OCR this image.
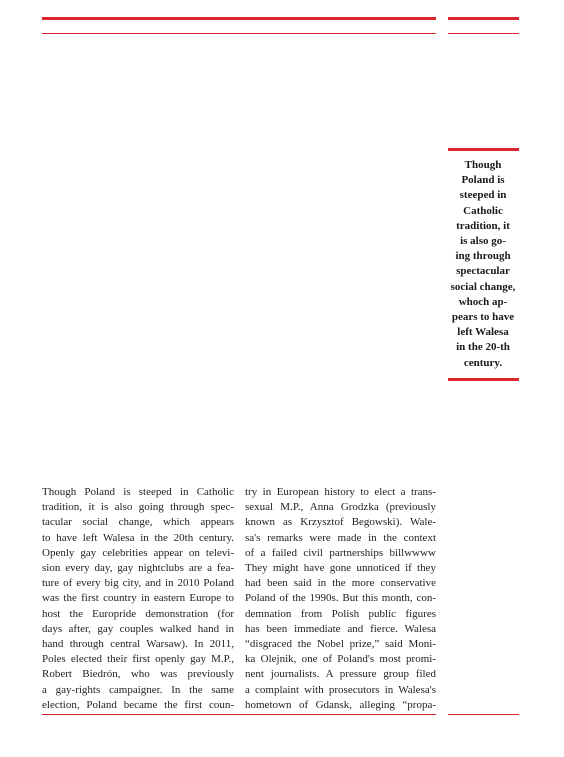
Though
Poland is
steeped in
Catholic
tradition, it
is also go-
ing through
spectacular
social change,
whoch ap-
pears to have
left Walesa
in the 20-th
century.
Though Poland is steeped in Catholic
tradition, it is also going through spec-
tacular social change, which appears
to have left Walesa in the 20th century.
Openly gay celebrities appear on televi-
sion every day, gay nightclubs are a fea-
ture of every big city, and in 2010 Poland
was the first country in eastern Europe to
host the Europride demonstration (for
days after, gay couples walked hand in
hand through central Warsaw). In 2011,
Poles elected their first openly gay M.P.,
Robert Biedrón, who was previously
a gay-rights campaigner. In the same
election, Poland became the first coun-
try in European history to elect a trans-
sexual M.P., Anna Grodzka (previously
known as Krzysztof Begowski). Wale-
sa's remarks were made in the context
of a failed civil partnerships billwwww
They might have gone unnoticed if they
had been said in the more conservative
Poland of the 1990s. But this month, con-
demnation from Polish public figures
has been immediate and fierce. Walesa
“disgraced the Nobel prize,” said Moni-
ka Olejnik, one of Poland's most promi-
nent journalists. A pressure group filed
a complaint with prosecutors in Walesa's
hometown of Gdansk, alleging “propa-
